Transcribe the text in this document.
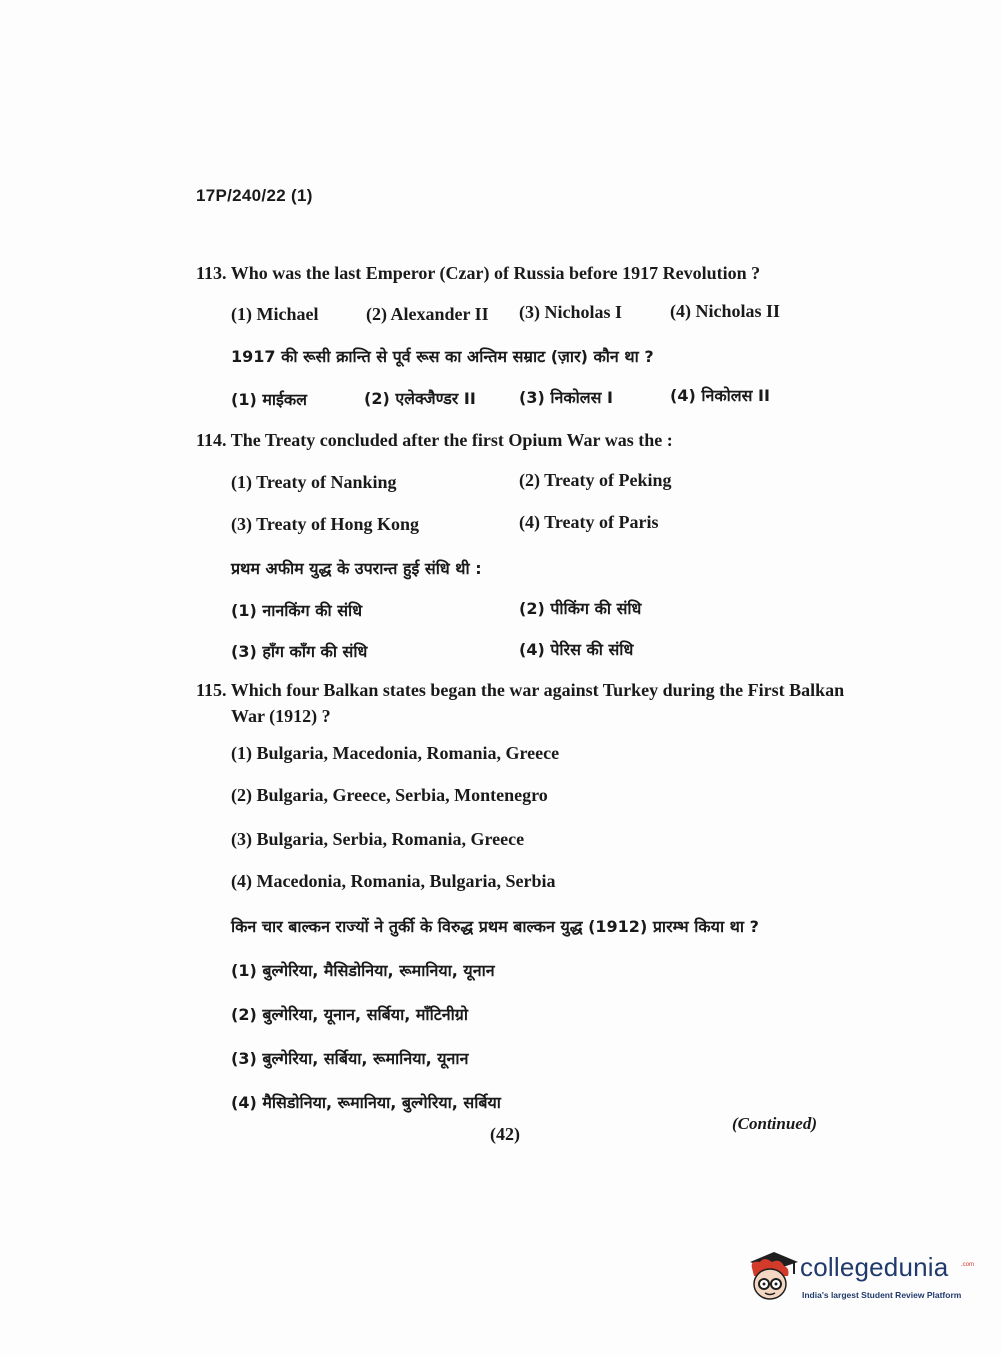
17P/240/22 (1)
113. Who was the last Emperor (Czar) of Russia before 1917 Revolution ?
(1) Michael	(2) Alexander II (3) Nicholas I	(4) Nicholas II
1917 की रूसी क्रान्ति से पूर्व रूस का अन्तिम सम्राट (ज़ार) कौन था ?
(1) माईकल	(2) एलेक्जैण्डर II	(3) निकोलस I	(4) निकोलस II
114. The Treaty concluded after the first Opium War was the :
(1) Treaty of Nanking	(2) Treaty of Peking
(3) Treaty of Hong Kong	(4) Treaty of Paris
प्रथम अफीम युद्ध के उपरान्त हुई संधि थी :
(1) नानकिंग की संधि	(2) पीकिंग की संधि
(3) हाँग काँग की संधि	(4) पेरिस की संधि
115. Which four Balkan states began the war against Turkey during the First Balkan
War (1912) ?
(1) Bulgaria, Macedonia, Romania, Greece
(2) Bulgaria, Greece, Serbia, Montenegro
(3) Bulgaria, Serbia, Romania, Greece
(4) Macedonia, Romania, Bulgaria, Serbia
किन चार बाल्कन राज्यों ने तुर्की के विरुद्ध प्रथम बाल्कन युद्ध (1912) प्रारम्भ किया था ?
(1) बुल्गेरिया, मैसिडोनिया, रूमानिया, यूनान
(2) बुल्गेरिया, यूनान, सर्बिया, मॉंटिनीग्रो
(3) बुल्गेरिया, सर्बिया, रूमानिया, यूनान
(4) मैसिडोनिया, रूमानिया, बुल्गेरिया, सर्बिया
(42)
(Continued)
collegedunia .com
India's largest Student Review Platform
